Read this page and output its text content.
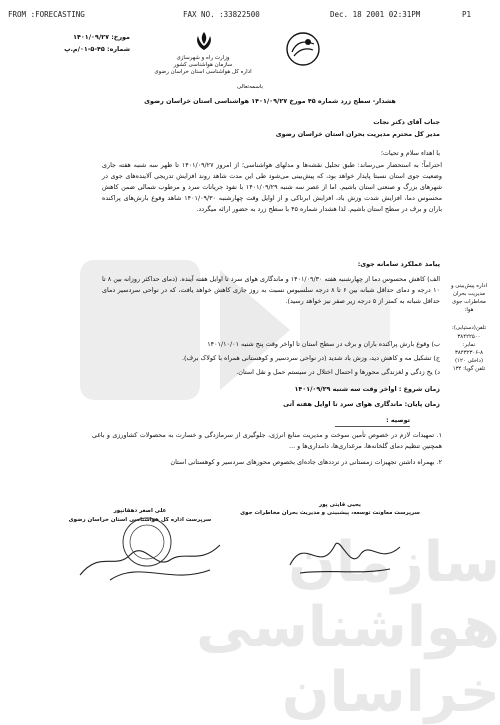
FROM :FORECASTING	FAX NO. :33822500	Dec. 18 2001 02:31PM	P1
سازمان هواشناسی خراسان
وزارت راه و شهرسازی
سازمان هواشناسی کشور
اداره کل هواشناسی استان خراسان رضوی
مورخ: ۱۴۰۱/۰۹/۲۷
شماره: ۴۵-۵-۰۱/م.پ
باسمه‌تعالی
هشدار- سطح زرد شماره ۴۵ مورخ ۱۴۰۱/۰۹/۲۷ هواشناسی استان خراسان رضوی
جناب آقای دکتر نجات
مدیر کل محترم مدیریت بحران استان خراسان رضوی
با اهداء سلام و تحیات؛
احتراماً؛ به استحضار می‌رساند: طبق تحلیل نقشه‌ها و مدلهای هواشناسی؛ از امروز ۱۴۰۱/۰۹/۲۷ تا ظهر سه شنبه هفته جاری وضعیت جوی استان نسبتا پایدار خواهد بود، که پیش‌بینی می‌شود طی این مدت شاهد روند افزایش تدریجی آلاینده‌های جوی در شهرهای بزرگ و صنعتی استان باشیم. اما از عصر سه شنبه ۱۴۰۱/۰۹/۲۹ با نفوذ جریانات سرد و مرطوب شمالی ضمن کاهش محسوس دما، افزایش شدت وزش باد، افزایش ابرناکی و از اوایل وقت چهارشنبه ۱۴۰۱/۰۹/۳۰ شاهد وقوع بارش‌های پراکنده باران و برف در سطح استان باشیم. لذا هشدار شماره ۴۵ با سطح زرد به حضور ارائه میگردد.
پیامد عملکرد سامانه جوی:
الف) کاهش محسوس دما از چهارشنبه هفته ۱۴۰۱/۰۹/۳۰ و ماندگاری هوای سرد تا اوایل هفته آینده. (دمای حداکثر روزانه بین ۸ تا ۱۰ درجه و دمای حداقل شبانه بین ۶ تا ۸ درجه سلسیوس نسبت به روز جاری کاهش خواهد یافت، که در نواحی سردسیر دمای حداقل شبانه به کمتر از ۵ درجه زیر صفر نیز خواهد رسید).
ب) وقوع بارش پراکنده باران و برف در سطح استان تا اواخر وقت پنج شنبه ۱۴۰۱/۱۰/۰۱
ج) تشکیل مه و کاهش دید، وزش باد شدید (در نواحی سردسیر و کوهستانی همراه با کولاک برف).
د) یخ زدگی و لغزندگی محورها و احتمال اختلال در سیستم حمل و نقل استان.
زمان شروع : اواخر وقت سه شنبه ۱۴۰۱/۰۹/۲۹
زمان پایان: ماندگاری هوای سرد تا اوایل هفته آتی
توصیه :
۱. تمهیدات لازم در خصوص تأمین سوخت و مدیریت منابع انرژی، جلوگیری از سرمازدگی و خسارت به محصولات کشاورزی و باغی همچنین تنظیم دمای گلخانه‌ها، مرغداری‌ها، دامداری‌ها و ...
۲. بهمراه داشتن تجهیزات زمستانی در تردد‌های جاده‌ای بخصوص محورهای سردسیر و کوهستانی استان
یحیی قایتی پور
سرپرست معاونت توسعه، پیشبینی و مدیریت بحران مخاطرات جوی
علی اصغر دهقانپور
سرپرست اداره کل هواشناسی استان خراسان رضوی
اداره پیش‌بینی و
مدیریت بحران
مخاطرات جوی
هوا:
تلفن(دستیابی):
۳۸۴۲۲۵۰۰
نمابر:
۳۸۴۳۲۳۰۶-۸
(داخلی ۱۲۰)
تلفن گویا: ۱۳۴
